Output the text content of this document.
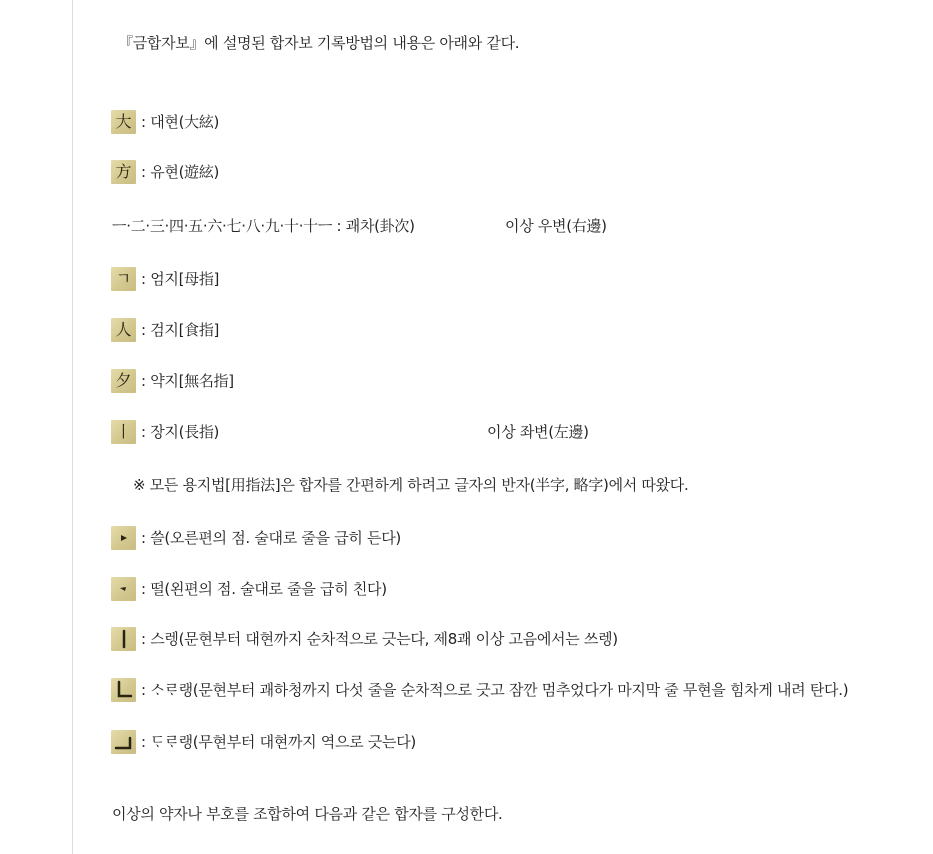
『금합자보』에 설명된 합자보 기록방법의 내용은 아래와 같다.
大 : 대현(大絃)
方 : 유현(遊絃)
ㅡ·二·三·四·五·六·七·八·九·十·十ㅡ : 괘차(卦次)	이상 우변(右邊)
ㄱ : 엄지[母指]
人 : 검지[食指]
夕 : 약지[無名指]
丨 : 장지(長指)	이상 좌변(左邊)
※ 모든 용지법[用指法]은 합자를 간편하게 하려고 글자의 반자(半字, 略字)에서 따왔다.
: 쓸(오른편의 점. 술대로 줄을 급히 든다)
: 떨(왼편의 점. 술대로 줄을 급히 친다)
: 스렝(문현부터 대현까지 순차적으로 긋는다, 제8괘 이상 고음에서는 쓰렝)
: ᄉᆞᄅᆞ랭(문현부터 괘하청까지 다섯 줄을 순차적으로 긋고 잠깐 멈추었다가 마지막 줄 무현을 힘차게 내려 탄다.)
: ᄃᆞᄅᆞ랭(무현부터 대현까지 역으로 긋는다)
이상의 약자나 부호를 조합하여 다음과 같은 합자를 구성한다.
